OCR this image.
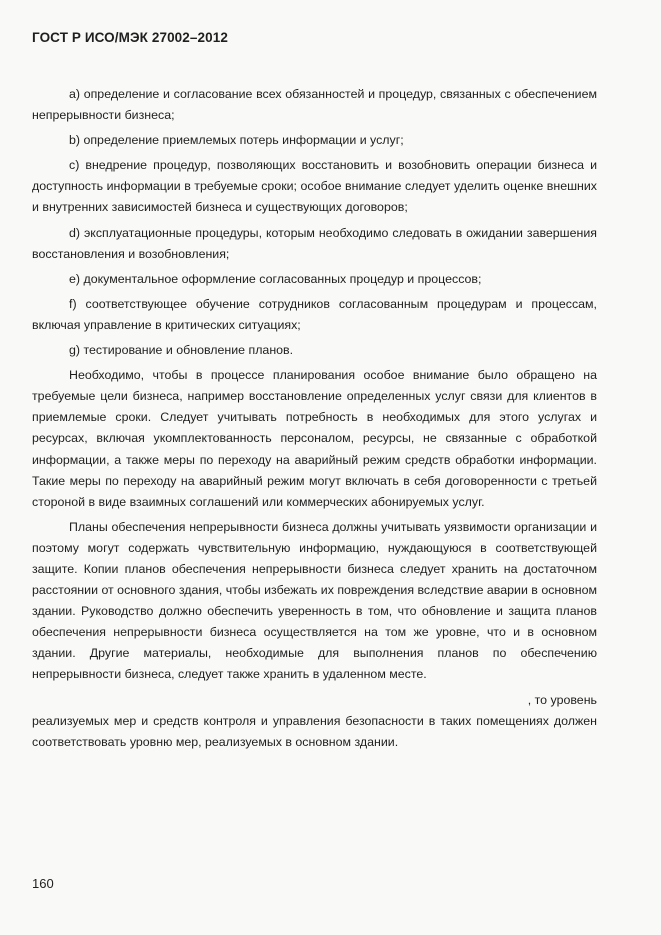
ГОСТ Р ИСО/МЭК 27002–2012

a) определение и согласование всех обязанностей и процедур, связанных с обеспечением непрерывности бизнеса;

b) определение приемлемых потерь информации и услуг;

c) внедрение процедур, позволяющих восстановить и возобновить операции бизнеса и доступность информации в требуемые сроки; особое внимание следует уделить оценке внешних и внутренних зависимостей бизнеса и существующих договоров;

d) эксплуатационные процедуры, которым необходимо следовать в ожидании завершения восстановления и возобновления;

e) документальное оформление согласованных процедур и процессов;

f) соответствующее обучение сотрудников согласованным процедурам и процессам, включая управление в критических ситуациях;

g) тестирование и обновление планов.

Необходимо, чтобы в процессе планирования особое внимание было обращено на требуемые цели бизнеса, например восстановление определенных услуг связи для клиентов в приемлемые сроки. Следует учитывать потребность в необходимых для этого услугах и ресурсах, включая укомплектованность персоналом, ресурсы, не связанные с обработкой информации, а также меры по переходу на аварийный режим средств обработки информации. Такие меры по переходу на аварийный режим могут включать в себя договоренности с третьей стороной в виде взаимных соглашений или коммерческих абонируемых услуг.

Планы обеспечения непрерывности бизнеса должны учитывать уязвимости организации и поэтому могут содержать чувствительную информацию, нуждающуюся в соответствующей защите. Копии планов обеспечения непрерывности бизнеса следует хранить на достаточном расстоянии от основного здания, чтобы избежать их повреждения вследствие аварии в основном здании. Руководство должно обеспечить уверенность в том, что обновление и защита планов обеспечения непрерывности бизнеса осуществляется на том же уровне, что и в основном здании. Другие материалы, необходимые для выполнения планов по обеспечению непрерывности бизнеса, следует также хранить в удаленном месте.

, то уровень

реализуемых мер и средств контроля и управления безопасности в таких помещениях должен соответствовать уровню мер, реализуемых в основном здании.

160
